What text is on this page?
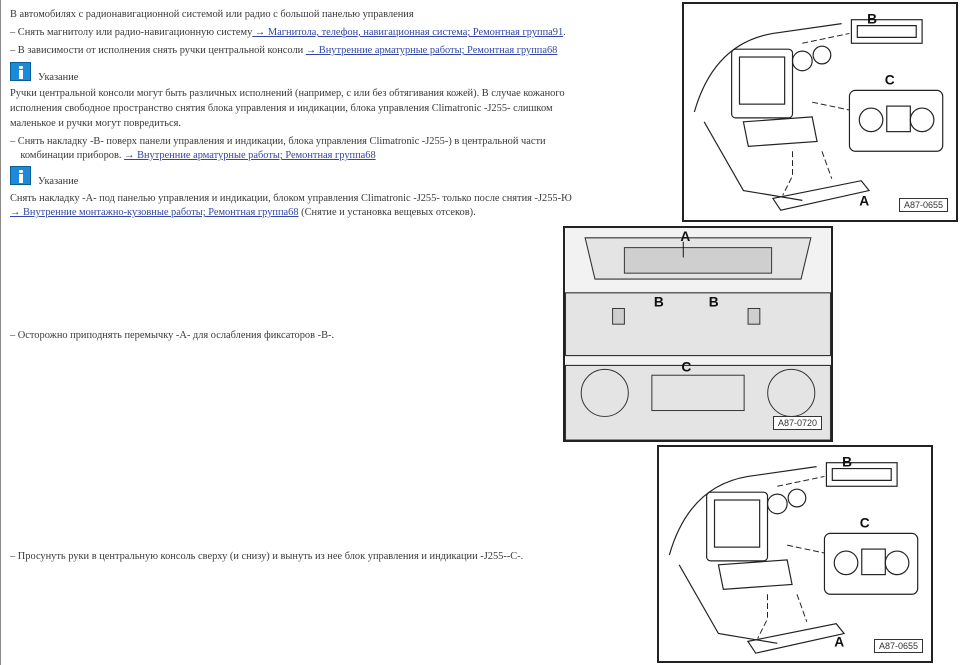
В автомобилях с радионавигационной системой или радио с большой панелью управления
– Снять магнитолу или радио-навигационную систему → Магнитола, телефон, навигационная система; Ремонтная группа91.
– В зависимости от исполнения снять ручки центральной консоли → Внутренние арматурные работы; Ремонтная группа68
Указание
Ручки центральной консоли могут быть различных исполнений (например, с или без обтягивания кожей). В случае кожаного
исполнения свободное пространство снятия блока управления и индикации, блока управления Climatronic -J255- слишком
маленькое и ручки могут повредиться.
– Снять накладку -B- поверх панели управления и индикации, блока управления Climatronic -J255-) в центральной части
комбинации приборов. → Внутренние арматурные работы; Ремонтная группа68
Указание
Снять накладку -A- под панелью управления и индикации, блоком управления Climatronic -J255- только после снятия -J255-Ю
→ Внутренние монтажно-кузовные работы; Ремонтная группа68 (Снятие и установка вещевых отсеков).
– Осторожно приподнять перемычку -A- для ослабления фиксаторов -B-.
– Просунуть руки в центральную консоль сверху (и снизу) и вынуть из нее блок управления и индикации -J255--C-.
B
C
A	A87-0655
A
B	B
C
A87-0720
B
C
A	A87-0655
